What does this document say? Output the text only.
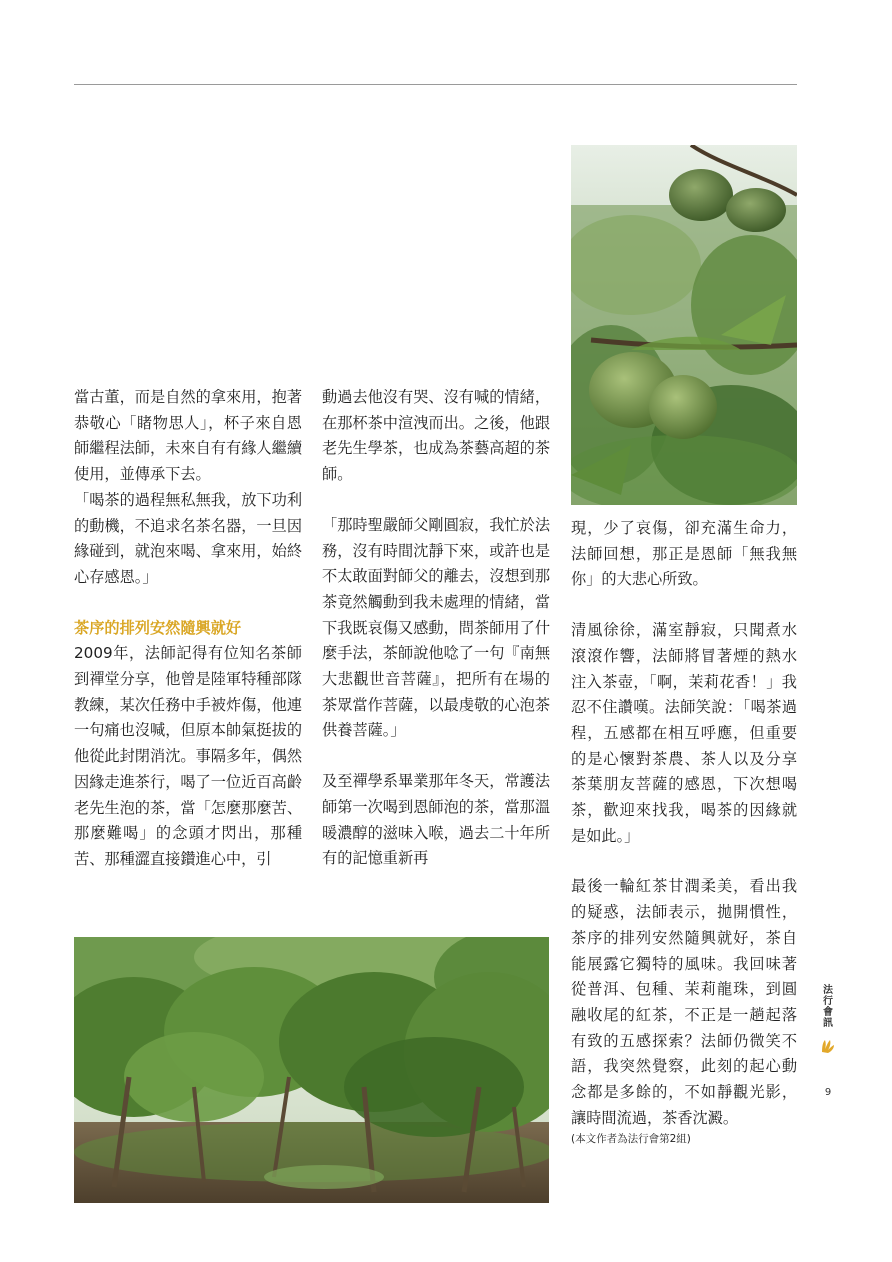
當古董，而是自然的拿來用，抱著恭敬心「睹物思人」，杯子來自恩師繼程法師，未來自有有緣人繼續使用，並傳承下去。

「喝茶的過程無私無我，放下功利的動機，不追求名茶名器，一旦因緣碰到，就泡來喝、拿來用，始終心存感恩。」

茶序的排列安然隨興就好

2009年，法師記得有位知名茶師到禪堂分享，他曾是陸軍特種部隊教練，某次任務中手被炸傷，他連一句痛也沒喊，但原本帥氣挺拔的他從此封閉消沈。事隔多年，偶然因緣走進茶行，喝了一位近百高齡老先生泡的茶，當「怎麼那麼苦、那麼難喝」的念頭才閃出，那種苦、那種澀直接鑽進心中，引

動過去他沒有哭、沒有喊的情緒，在那杯茶中渲洩而出。之後，他跟老先生學茶，也成為茶藝高超的茶師。

「那時聖嚴師父剛圓寂，我忙於法務，沒有時間沈靜下來，或許也是不太敢面對師父的離去，沒想到那茶竟然觸動到我未處理的情緒，當下我既哀傷又感動，問茶師用了什麼手法，茶師說他唸了一句『南無大悲觀世音菩薩』，把所有在場的茶眾當作菩薩，以最虔敬的心泡茶供養菩薩。」

及至禪學系畢業那年冬天，常護法師第一次喝到恩師泡的茶，當那溫暖濃醇的滋味入喉，過去二十年所有的記憶重新再

現，少了哀傷，卻充滿生命力，法師回想，那正是恩師「無我無你」的大悲心所致。

清風徐徐，滿室靜寂，只聞煮水滾滾作響，法師將冒著煙的熱水注入茶壺，「啊，茉莉花香！」我忍不住讚嘆。法師笑說：「喝茶過程，五感都在相互呼應，但重要的是心懷對茶農、茶人以及分享茶葉朋友菩薩的感恩，下次想喝茶，歡迎來找我，喝茶的因緣就是如此。」

最後一輪紅茶甘潤柔美，看出我的疑惑，法師表示，拋開慣性，茶序的排列安然隨興就好，茶自能展露它獨特的風味。我回味著從普洱、包種、茉莉龍珠，到圓融收尾的紅茶，不正是一趟起落有致的五感探索？法師仍微笑不語，我突然覺察，此刻的起心動念都是多餘的，不如靜觀光影，讓時間流過，茶香沈澱。

(本文作者為法行會第2組)

法
行
會
訊
9
